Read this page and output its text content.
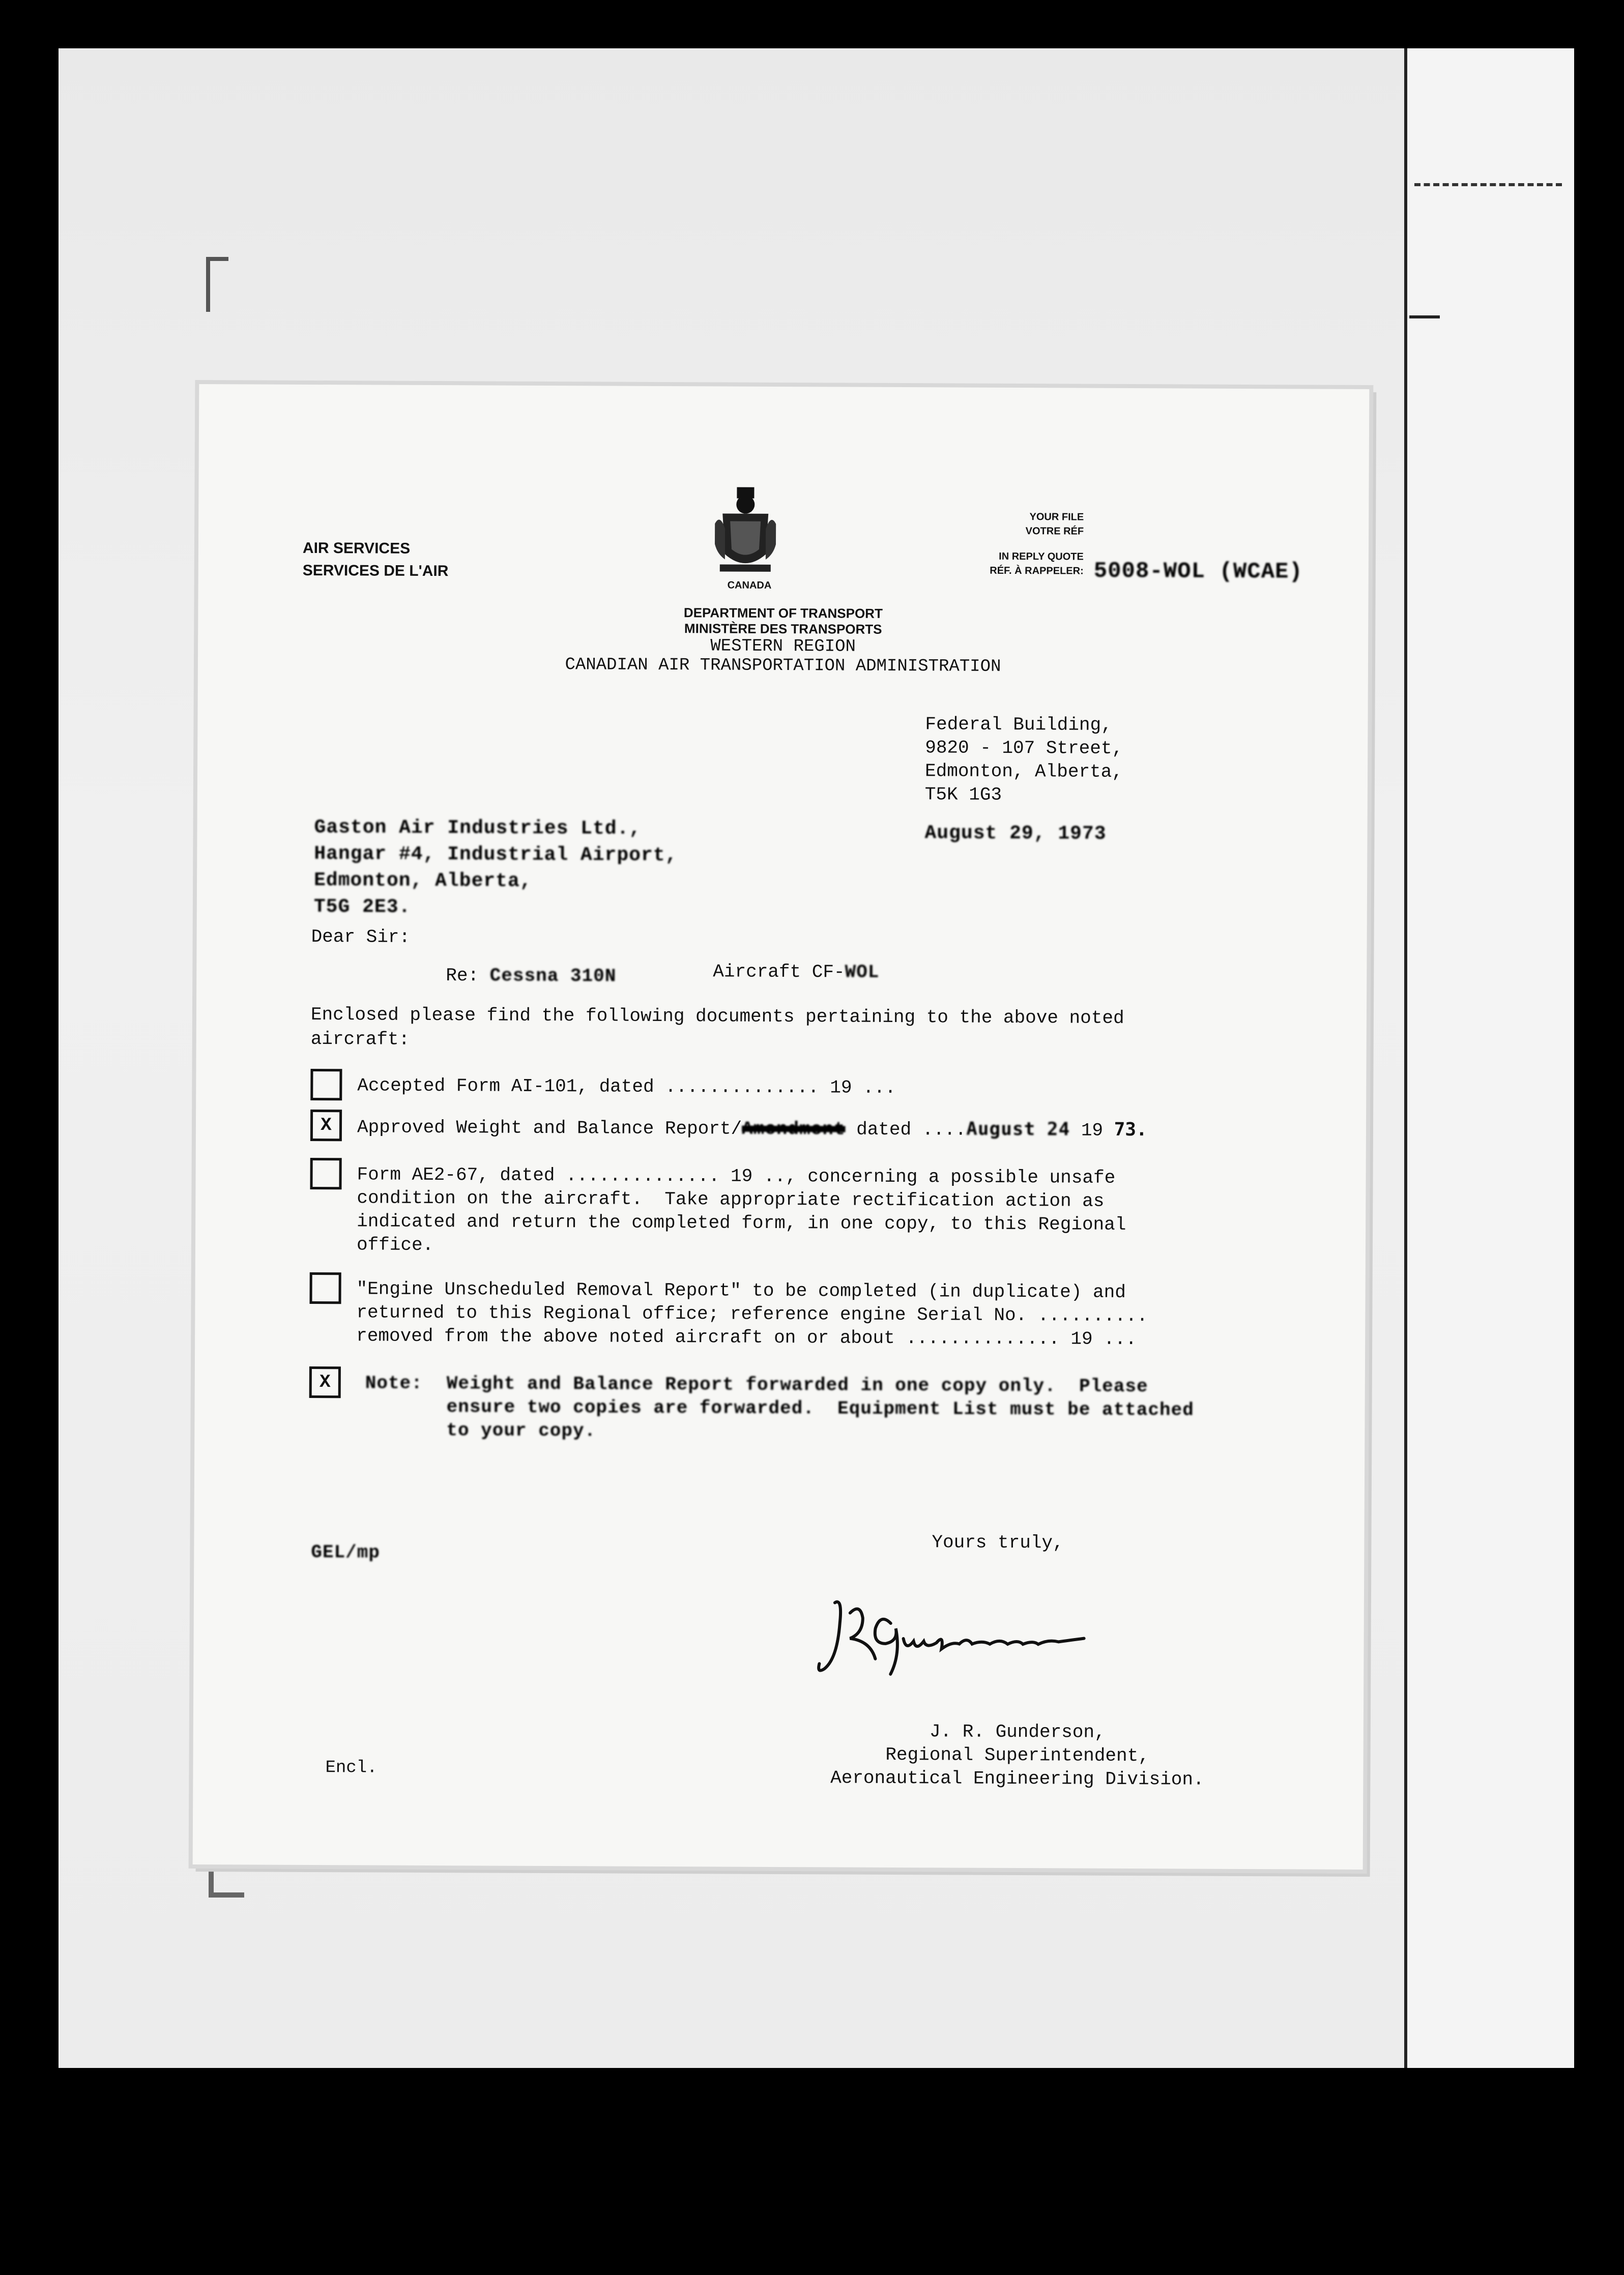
AIR SERVICES
SERVICES DE L'AIR
CANADA
YOUR FILE
VOTRE RÉF
IN REPLY QUOTE
RÉF. À RAPPELER: 5008-WOL (WCAE)
DEPARTMENT OF TRANSPORT
MINISTÈRE DES TRANSPORTS
WESTERN REGION
CANADIAN AIR TRANSPORTATION ADMINISTRATION
Federal Building,
9820 - 107 Street,
Edmonton, Alberta,
T5K 1G3
August 29, 1973
Gaston Air Industries Ltd.,
Hangar #4, Industrial Airport,
Edmonton, Alberta,
T5G 2E3.
Dear Sir:
Re: Cessna 310N	Aircraft CF-WOL
Enclosed please find the following documents pertaining to the above noted aircraft:
Accepted Form AI-101, dated .............. 19 ...
X	Approved Weight and Balance Report/Amendment dated ....August 24 19 73.
Form AE2-67, dated .............. 19 .., concerning a possible unsafe
condition on the aircraft.  Take appropriate rectification action as
indicated and return the completed form, in one copy, to this Regional
office.
"Engine Unscheduled Removal Report" to be completed (in duplicate) and
returned to this Regional office; reference engine Serial No. ..........
removed from the above noted aircraft on or about .............. 19 ...
X	Note: Weight and Balance Report forwarded in one copy only.  Please
ensure two copies are forwarded.  Equipment List must be attached
to your copy.
Yours truly,
GEL/mp
J. R. Gunderson,
Regional Superintendent,
Aeronautical Engineering Division.
Encl.
